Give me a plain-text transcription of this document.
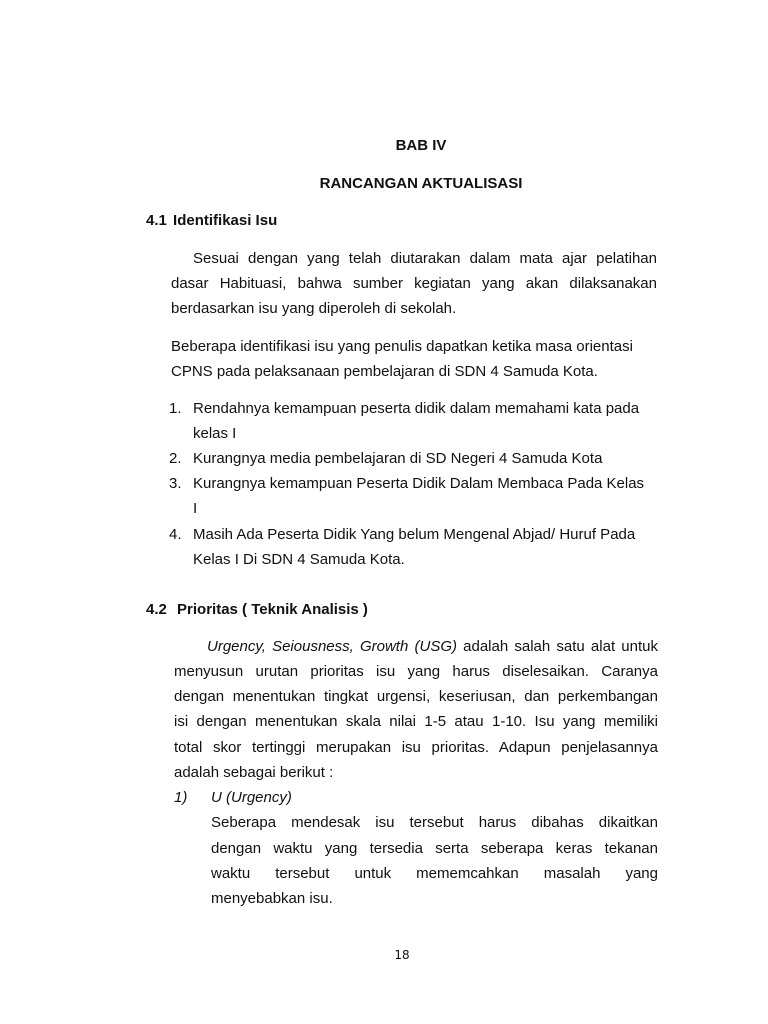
BAB IV

RANCANGAN AKTUALISASI

4.1 Identifikasi Isu
Sesuai dengan yang telah diutarakan dalam mata ajar pelatihan
dasar Habituasi, bahwa sumber kegiatan yang akan dilaksanakan
berdasarkan isu yang diperoleh di sekolah.
Beberapa identifikasi isu yang penulis dapatkan ketika masa orientasi
CPNS pada pelaksanaan pembelajaran di SDN 4 Samuda Kota.
1. Rendahnya kemampuan peserta didik dalam memahami kata pada
kelas I
2. Kurangnya media pembelajaran di SD Negeri 4 Samuda Kota
3. Kurangnya kemampuan Peserta Didik Dalam Membaca Pada Kelas
I
4. Masih Ada Peserta Didik Yang belum Mengenal Abjad/ Huruf Pada
Kelas I Di SDN 4 Samuda Kota.
4.2 Prioritas ( Teknik Analisis )
Urgency, Seiousness, Growth (USG) adalah salah satu alat untuk
menyusun urutan prioritas isu yang harus diselesaikan. Caranya
dengan menentukan tingkat urgensi, keseriusan, dan perkembangan
isi dengan menentukan skala nilai 1-5 atau 1-10. Isu yang memiliki
total skor tertinggi merupakan isu prioritas. Adapun penjelasannya
adalah sebagai berikut :
1) U (Urgency)
Seberapa mendesak isu tersebut harus dibahas dikaitkan
dengan waktu yang tersedia serta seberapa keras tekanan
waktu tersebut untuk mememcahkan masalah yang
menyebabkan isu.
18
